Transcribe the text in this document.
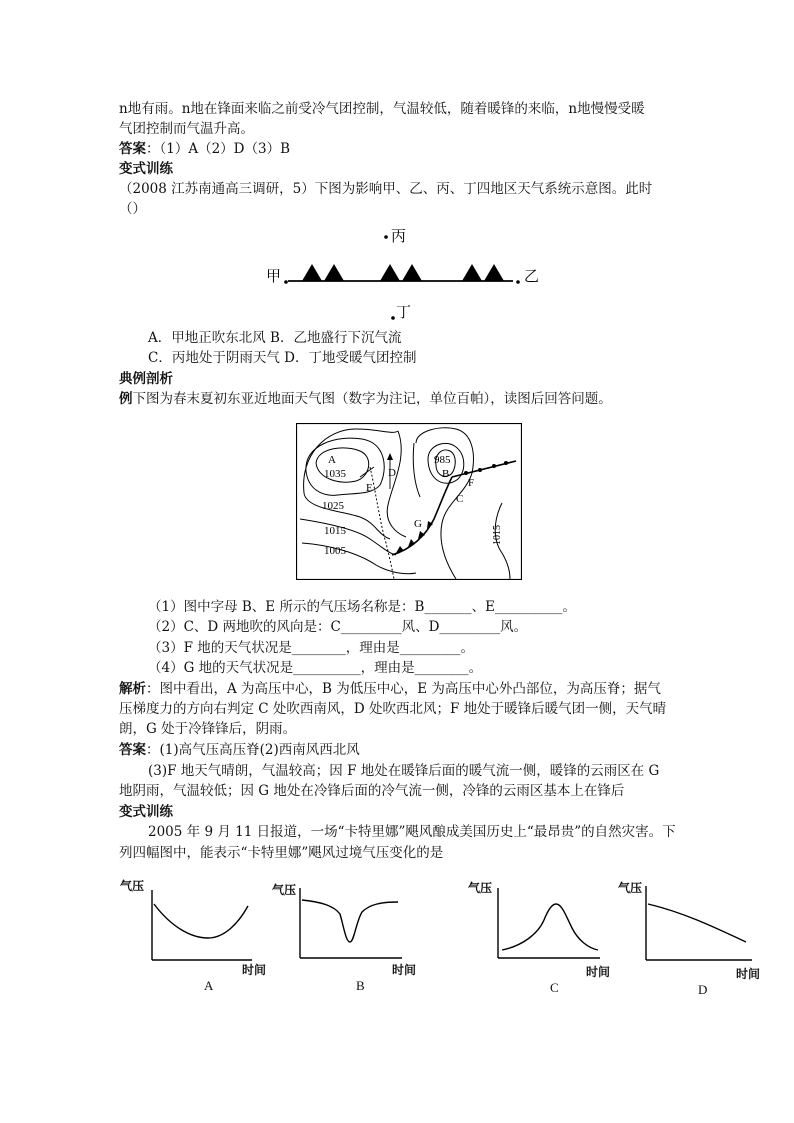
n地有雨。n地在锋面来临之前受冷气团控制，气温较低，随着暖锋的来临，n地慢慢受暖
气团控制而气温升高。
答案：（1）A（2）D（3）B
变式训练
（2008 江苏南通高三调研，5）下图为影响甲、乙、丙、丁四地区天气系统示意图。此时
（）
丙
甲	乙
丁
A．甲地正吹东北风 B．乙地盛行下沉气流
C．丙地处于阴雨天气 D．丁地受暖气团控制
典例剖析
例下图为春末夏初东亚近地面天气图（数字为注记，单位百帕），读图后回答问题。
A
1035
E
D
1025
1015
1005
985
B
F
C
G
1015
（1）图中字母 B、E 所示的气压场名称是：B_______、E__________。
（2）C、D 两地吹的风向是：C_________风、D_________风。
（3）F 地的天气状况是________，理由是_________。
（4）G 地的天气状况是__________，理由是________。
解析：图中看出，A 为高压中心，B 为低压中心，E 为高压中心外凸部位，为高压脊；据气
压梯度力的方向右判定 C 处吹西南风，D 处吹西北风；F 地处于暖锋后暖气团一侧，天气晴
朗，G 处于冷锋锋后，阴雨。
答案：(1)高气压高压脊(2)西南风西北风
(3)F 地天气晴朗，气温较高；因 F 地处在暖锋后面的暖气流一侧，暖锋的云雨区在 G
地阴雨，气温较低；因 G 地处在冷锋后面的冷气流一侧，冷锋的云雨区基本上在锋后
变式训练
2005 年 9 月 11 日报道，一场“卡特里娜”飓风酿成美国历史上“最昂贵”的自然灾害。下
列四幅图中，能表示“卡特里娜”飓风过境气压变化的是
气压
时间
A
气压
时间
B
气压
时间
C
气压
时间
D
